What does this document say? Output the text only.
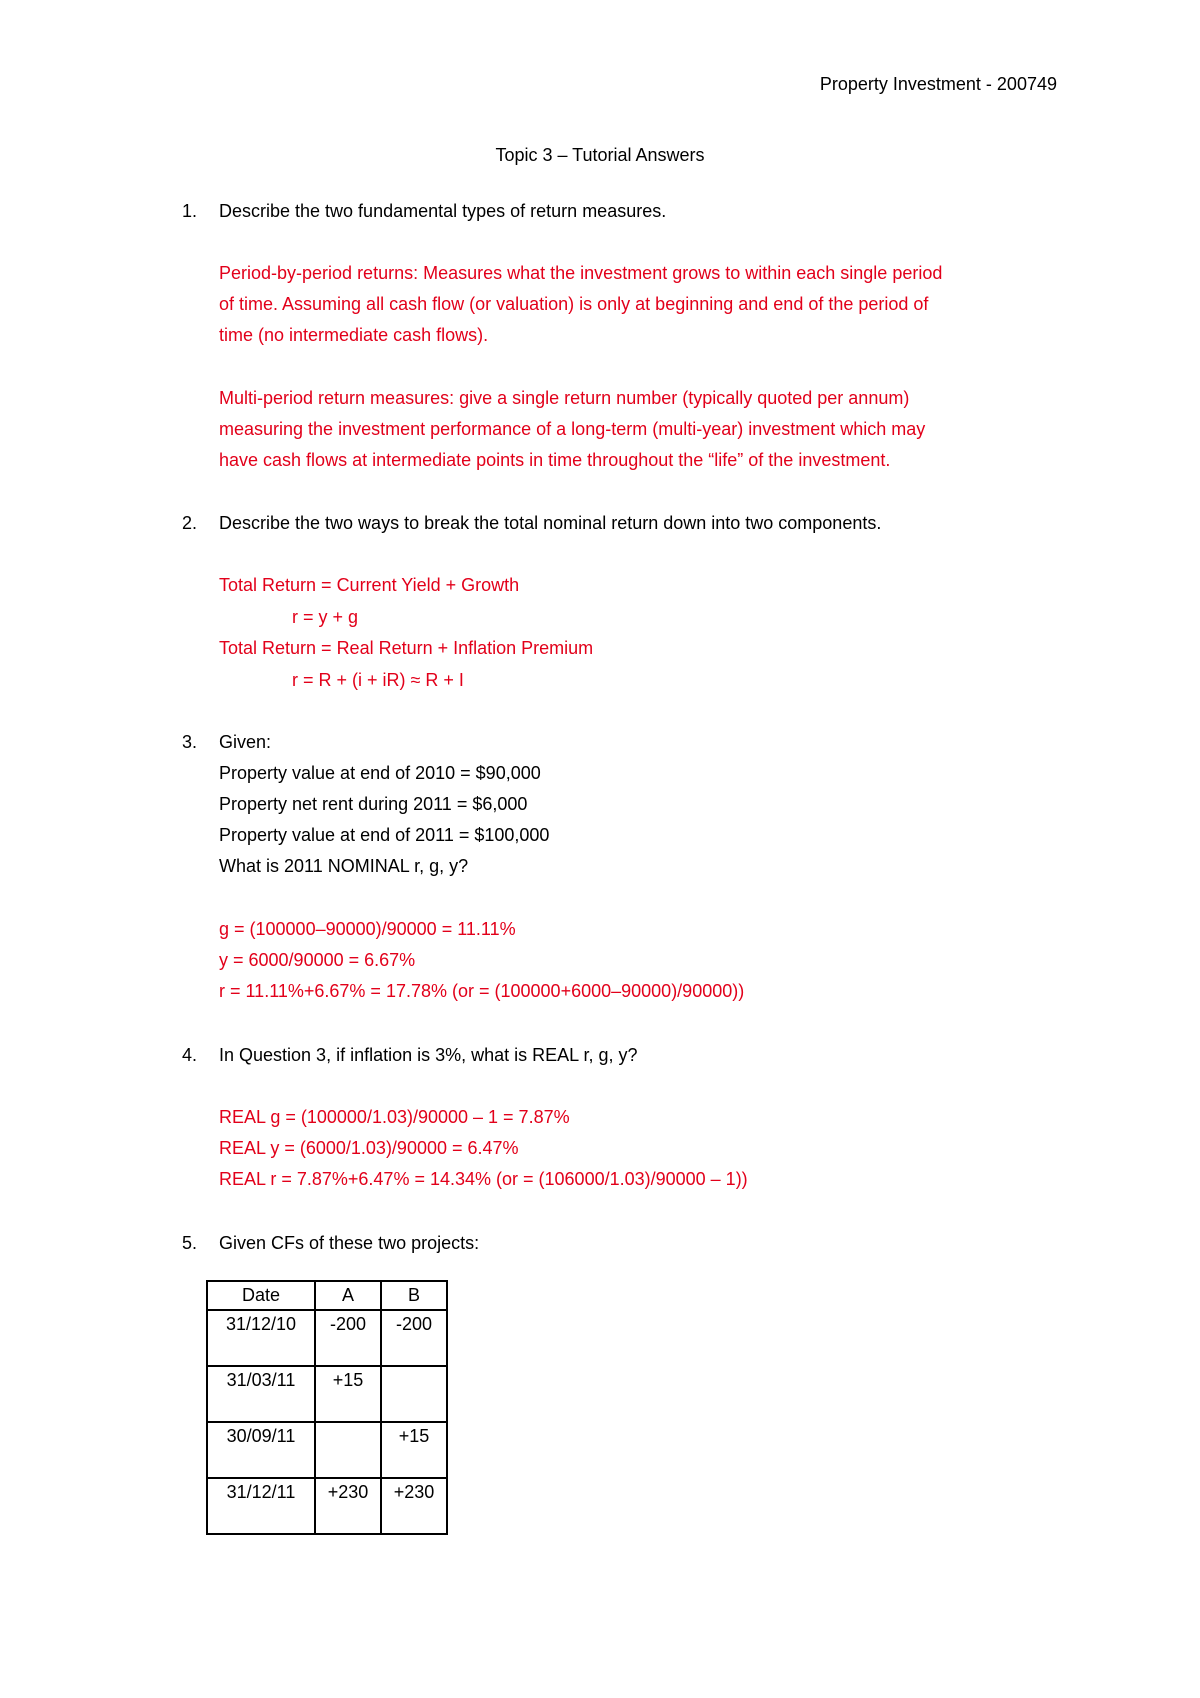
Property Investment - 200749
Topic 3 – Tutorial Answers
1. Describe the two fundamental types of return measures.
Period-by-period returns: Measures what the investment grows to within each single period
of time. Assuming all cash flow (or valuation) is only at beginning and end of the period of
time (no intermediate cash flows).
Multi-period return measures: give a single return number (typically quoted per annum)
measuring the investment performance of a long-term (multi-year) investment which may
have cash flows at intermediate points in time throughout the “life” of the investment.
2. Describe the two ways to break the total nominal return down into two components.
Total Return = Current Yield + Growth
r = y + g
Total Return = Real Return + Inflation Premium
r = R + (i + iR) ≈ R + I
3. Given:
Property value at end of 2010 = $90,000
Property net rent during 2011 = $6,000
Property value at end of 2011 = $100,000
What is 2011 NOMINAL r, g, y?
g = (100000–90000)/90000 = 11.11%
y = 6000/90000 = 6.67%
r = 11.11%+6.67% = 17.78% (or = (100000+6000–90000)/90000))
4. In Question 3, if inflation is 3%, what is REAL r, g, y?
REAL g = (100000/1.03)/90000 – 1 = 7.87%
REAL y = (6000/1.03)/90000 = 6.47%
REAL r = 7.87%+6.47% = 14.34% (or = (106000/1.03)/90000 – 1))
5. Given CFs of these two projects:
Date	A	B

31/12/10	-200	-200

31/03/11	+15	

30/09/11		+15

31/12/11	+230	+230
